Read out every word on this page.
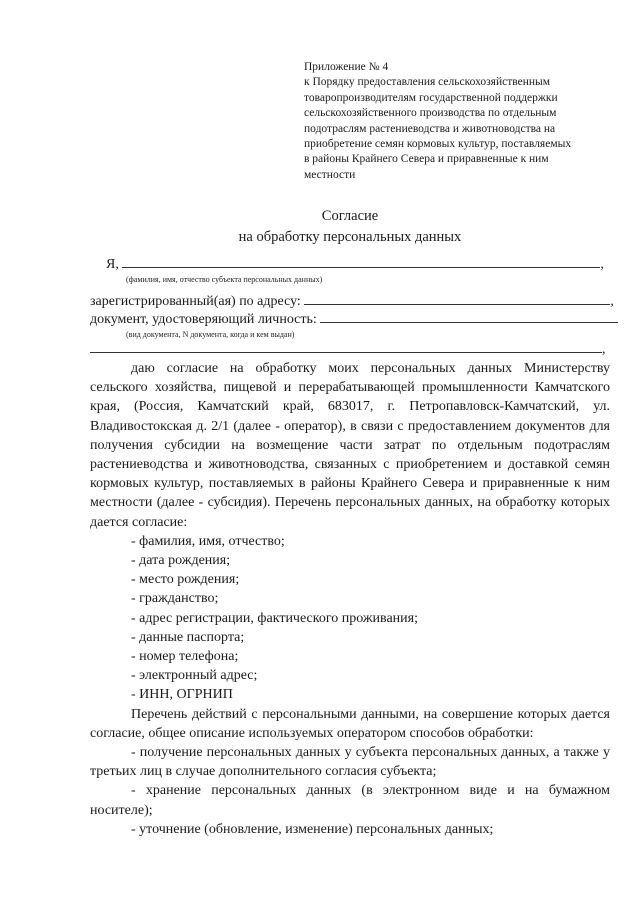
Приложение № 4
к Порядку предоставления сельскохозяйственным
товаропроизводителям государственной поддержки
сельскохозяйственного производства по отдельным
подотраслям растениеводства и животноводства на
приобретение семян кормовых культур, поставляемых
в районы Крайнего Севера и приравненные к ним
местности
Согласие
на обработку персональных данных
Я,	,
(фамилия, имя, отчество субъекта персональных данных)
зарегистрированный(ая) по адресу:	,
документ, удостоверяющий личность:
(вид документа, N документа, когда и кем выдан)
,
даю согласие на обработку моих персональных данных Министерству
сельского хозяйства, пищевой и перерабатывающей промышленности Камчатского
края, (Россия, Камчатский край, 683017, г. Петропавловск-Камчатский, ул.
Владивостокская д. 2/1 (далее - оператор), в связи с предоставлением документов для
получения субсидии на возмещение части затрат по отдельным подотраслям
растениеводства и животноводства, связанных с приобретением и доставкой семян
кормовых культур, поставляемых в районы Крайнего Севера и приравненные к ним
местности (далее - субсидия). Перечень персональных данных, на обработку которых
дается согласие:
- фамилия, имя, отчество;
- дата рождения;
- место рождения;
- гражданство;
- адрес регистрации, фактического проживания;
- данные паспорта;
- номер телефона;
- электронный адрес;
- ИНН, ОГРНИП
Перечень действий с персональными данными, на совершение которых дается
согласие, общее описание используемых оператором способов обработки:
- получение персональных данных у субъекта персональных данных, а также у
третьих лиц в случае дополнительного согласия субъекта;
- хранение персональных данных (в электронном виде и на бумажном
носителе);
- уточнение (обновление, изменение) персональных данных;
